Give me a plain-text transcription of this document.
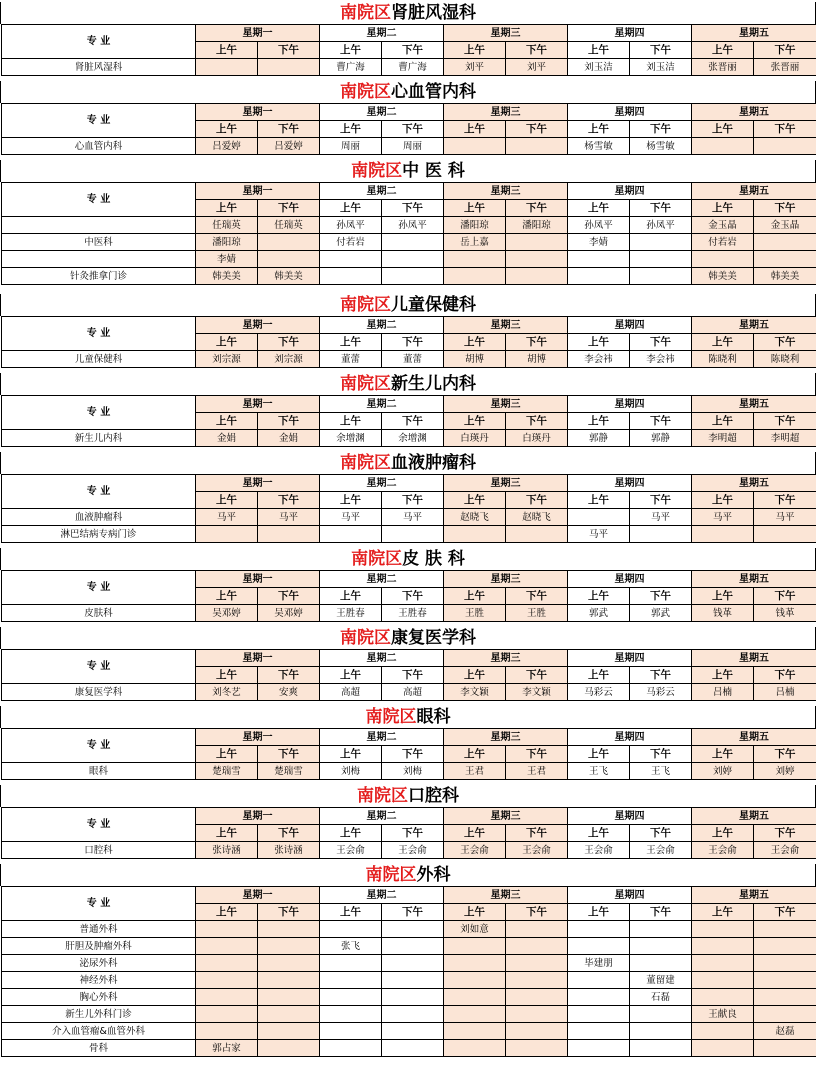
南院区肾脏风湿科
专 业	星期一		星期二		星期三		星期四		星期五	
	上午	下午	上午	下午	上午	下午	上午	下午	上午	下午
肾脏风湿科			曹广海	曹广海	刘平	刘平	刘玉洁	刘玉洁	张晋丽	张晋丽
南院区心血管内科
专 业	星期一		星期二		星期三		星期四		星期五	
	上午	下午	上午	下午	上午	下午	上午	下午	上午	下午
心血管内科	吕爱婷	吕爱婷	周丽	周丽			杨雪敏	杨雪敏		
南院区中 医 科
专 业	星期一		星期二		星期三		星期四		星期五	
	上午	下午	上午	下午	上午	下午	上午	下午	上午	下午
	任瑞英	任瑞英	孙凤平	孙凤平	潘阳琼	潘阳琼	孙凤平	孙凤平	金玉晶	金玉晶
中医科	潘阳琼		付若岩		岳上嘉		李婧		付若岩	
	李婧									
针灸推拿门诊	韩美美	韩美美							韩美美	韩美美
南院区儿童保健科
专 业	星期一		星期二		星期三		星期四		星期五	
	上午	下午	上午	下午	上午	下午	上午	下午	上午	下午
儿童保健科	刘宗源	刘宗源	董蕾	董蕾	胡博	胡博	李会祎	李会祎	陈晓利	陈晓利
南院区新生儿内科
专 业	星期一		星期二		星期三		星期四		星期五	
	上午	下午	上午	下午	上午	下午	上午	下午	上午	下午
新生儿内科	金娟	金娟	余增渊	余增渊	白瑛丹	白瑛丹	郭静	郭静	李明超	李明超
南院区血液肿瘤科
专 业	星期一		星期二		星期三		星期四		星期五	
	上午	下午	上午	下午	上午	下午	上午	下午	上午	下午
血液肿瘤科	马平	马平	马平	马平	赵晓飞	赵晓飞		马平	马平	马平
淋巴结病专病门诊							马平			
南院区皮 肤 科
专 业	星期一		星期二		星期三		星期四		星期五	
	上午	下午	上午	下午	上午	下午	上午	下午	上午	下午
皮肤科	吴邓婷	吴邓婷	王胜春	王胜春	王胜	王胜	郭武	郭武	钱革	钱革
南院区康复医学科
专 业	星期一		星期二		星期三		星期四		星期五	
	上午	下午	上午	下午	上午	下午	上午	下午	上午	下午
康复医学科	刘冬艺	安爽	高超	高超	李文颖	李文颖	马彩云	马彩云	吕楠	吕楠
南院区眼科
专 业	星期一		星期二		星期三		星期四		星期五	
	上午	下午	上午	下午	上午	下午	上午	下午	上午	下午
眼科	楚瑞雪	楚瑞雪	刘梅	刘梅	王君	王君	王飞	王飞	刘婷	刘婷
南院区口腔科
专 业	星期一		星期二		星期三		星期四		星期五	
	上午	下午	上午	下午	上午	下午	上午	下午	上午	下午
口腔科	张诗涵	张诗涵	王会俞	王会俞	王会俞	王会俞	王会俞	王会俞	王会俞	王会俞
南院区外科
专 业	星期一		星期二		星期三		星期四		星期五	
	上午	下午	上午	下午	上午	下午	上午	下午	上午	下午
普通外科					刘如意					
肝胆及肿瘤外科			张飞							
泌尿外科							毕建朋			
神经外科								董留建		
胸心外科								石磊		
新生儿外科门诊									王献良	
介入血管瘤&血管外科										赵磊
骨科	郭占家									
